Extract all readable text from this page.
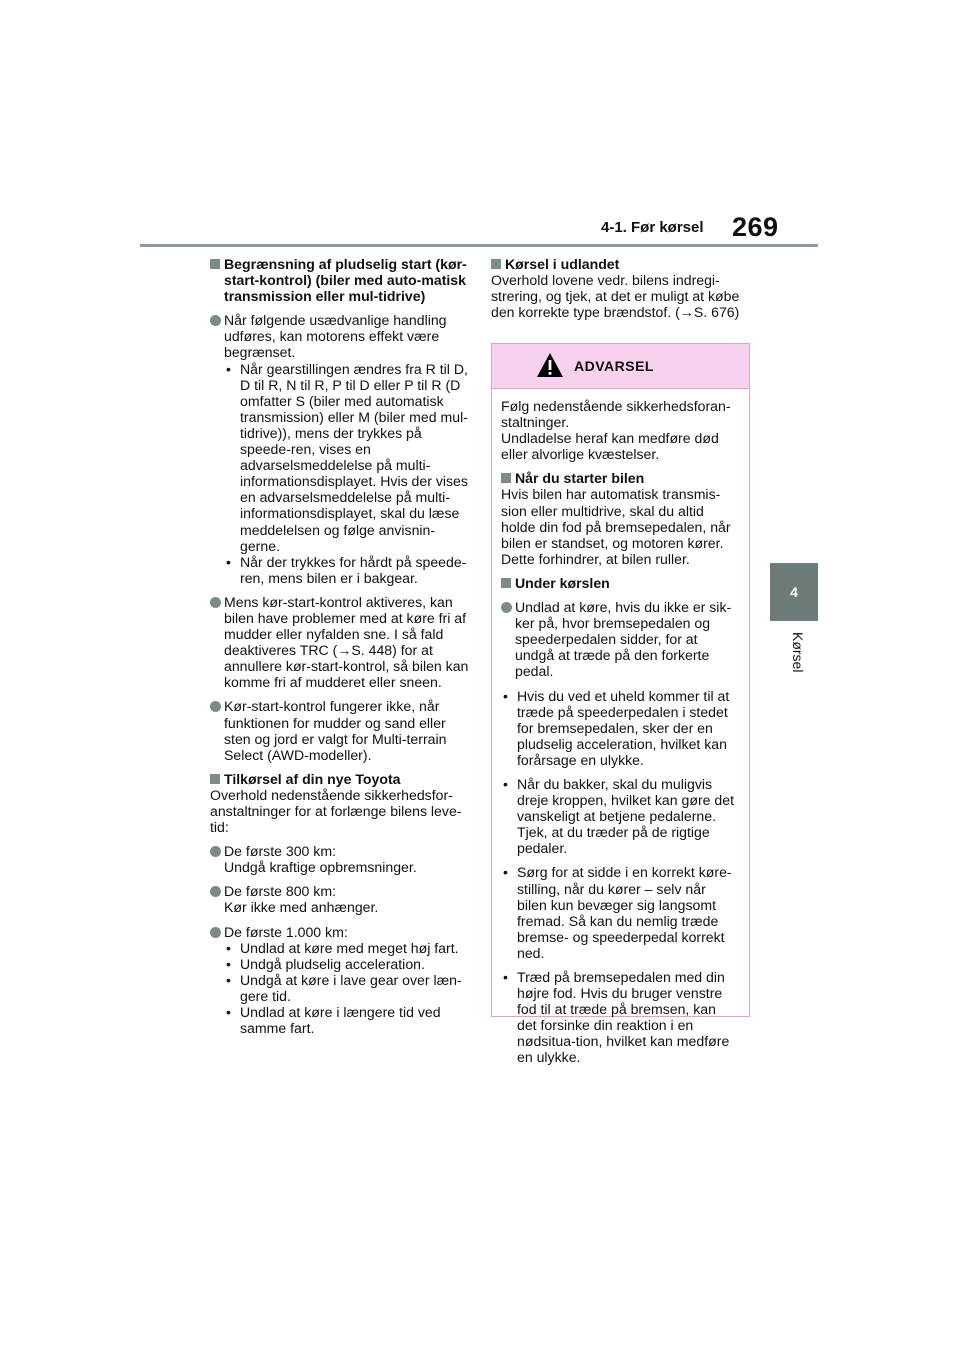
4-1. Før kørsel 269
4
Kørsel
Begrænsning af pludselig start (kør-start-kontrol) (biler med auto-matisk transmission eller mul-tidrive)
Når følgende usædvanlige handling udføres, kan motorens effekt være begrænset.
• Når gearstillingen ændres fra R til D, D til R, N til R, P til D eller P til R (D omfatter S (biler med automatisk transmission) eller M (biler med mul-tidrive)), mens der trykkes på speede-ren, vises en advarselsmeddelelse på multi-informationsdisplayet. Hvis der vises en advarselsmeddelelse på multi-informationsdisplayet, skal du læse meddelelsen og følge anvisnin-gerne.
• Når der trykkes for hårdt på speede-ren, mens bilen er i bakgear.
Mens kør-start-kontrol aktiveres, kan bilen have problemer med at køre fri af mudder eller nyfalden sne. I så fald deaktiveres TRC (→S. 448) for at annullere kør-start-kontrol, så bilen kan komme fri af mudderet eller sneen.
Kør-start-kontrol fungerer ikke, når funktionen for mudder og sand eller sten og jord er valgt for Multi-terrain Select (AWD-modeller).
Tilkørsel af din nye Toyota
Overhold nedenstående sikkerhedsfor-anstaltninger for at forlænge bilens leve-tid:
De første 300 km:
Undgå kraftige opbremsninger.
De første 800 km:
Kør ikke med anhænger.
De første 1.000 km:
• Undlad at køre med meget høj fart.
• Undgå pludselig acceleration.
• Undgå at køre i lave gear over læn-gere tid.
• Undlad at køre i længere tid ved samme fart.
Kørsel i udlandet
Overhold lovene vedr. bilens indregi-strering, og tjek, at det er muligt at købe den korrekte type brændstof. (→S. 676)
ADVARSEL
Følg nedenstående sikkerhedsforan-staltninger.
Undladelse heraf kan medføre død eller alvorlige kvæstelser.
Når du starter bilen
Hvis bilen har automatisk transmis-sion eller multidrive, skal du altid holde din fod på bremsepedalen, når bilen er standset, og motoren kører. Dette forhindrer, at bilen ruller.
Under kørslen
Undlad at køre, hvis du ikke er sik-ker på, hvor bremsepedalen og speederpedalen sidder, for at undgå at træde på den forkerte pedal.
• Hvis du ved et uheld kommer til at træde på speederpedalen i stedet for bremsepedalen, sker der en pludselig acceleration, hvilket kan forårsage en ulykke.
• Når du bakker, skal du muligvis dreje kroppen, hvilket kan gøre det vanskeligt at betjene pedalerne. Tjek, at du træder på de rigtige pedaler.
• Sørg for at sidde i en korrekt køre-stilling, når du kører – selv når bilen kun bevæger sig langsomt fremad. Så kan du nemlig træde bremse- og speederpedal korrekt ned.
• Træd på bremsepedalen med din højre fod. Hvis du bruger venstre fod til at træde på bremsen, kan det forsinke din reaktion i en nødsitua-tion, hvilket kan medføre en ulykke.
